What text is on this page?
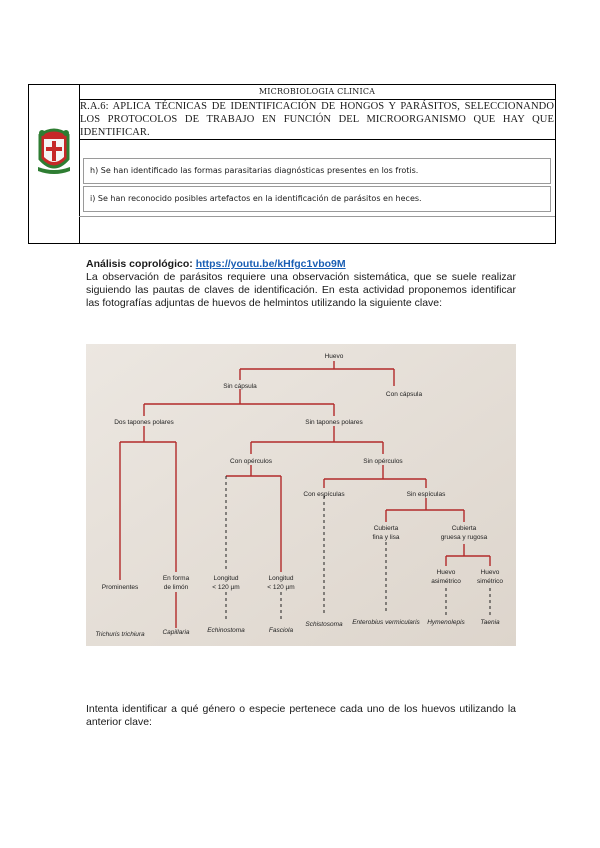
MICROBIOLOGIA CLINICA
R.A.6: APLICA TÉCNICAS DE IDENTIFICACIÓN DE HONGOS Y PARÁSITOS, SELECCIONANDO LOS PROTOCOLOS DE TRABAJO EN FUNCIÓN DEL MICROORGANISMO QUE HAY QUE IDENTIFICAR.
h) Se han identificado las formas parasitarias diagnósticas presentes en los frotis.
i) Se han reconocido posibles artefactos en la identificación de parásitos en heces.
Análisis coprológico: https://youtu.be/kHfgc1vbo9M

La observación de parásitos requiere una observación sistemática, que se suele realizar siguiendo las pautas de claves de identificación. En esta actividad proponemos identificar las fotografías adjuntas de huevos de helmintos utilizando la siguiente clave:

Huevo
Sin cápsula
Con cápsula
Dos tapones polares	Sin tapones polares
Con opérculos	Sin opérculos
Con espículas	Sin espículas
Cubierta
fina y lisa
Cubierta
gruesa y rugosa
Huevo
asimétrico
Huevo
simétrico
Prominentes
En forma
de limón
Longitud
< 120 µm
Longitud
< 120 µm
Trichuris trichiura	Capillaria	Echinostoma	Fasciola
Schistosoma Enterobius vermicularis Hymenolepis Taenia

Intenta identificar a qué género o especie pertenece cada uno de los huevos utilizando la anterior clave:
